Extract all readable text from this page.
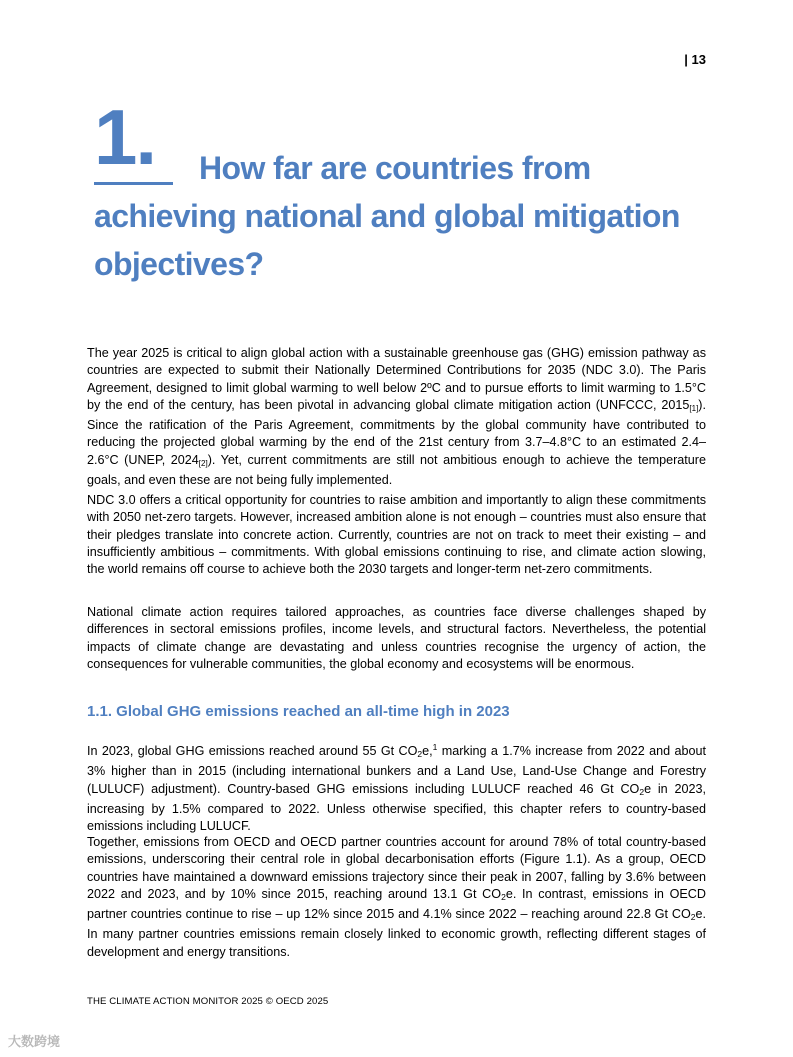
| 13
1.	How far are countries from achieving national and global mitigation objectives?

The year 2025 is critical to align global action with a sustainable greenhouse gas (GHG) emission pathway as countries are expected to submit their Nationally Determined Contributions for 2035 (NDC 3.0). The Paris Agreement, designed to limit global warming to well below 2ºC and to pursue efforts to limit warming to 1.5°C by the end of the century, has been pivotal in advancing global climate mitigation action (UNFCCC, 2015[1]). Since the ratification of the Paris Agreement, commitments by the global community have contributed to reducing the projected global warming by the end of the 21st century from 3.7–4.8°C to an estimated 2.4–2.6°C (UNEP, 2024[2]). Yet, current commitments are still not ambitious enough to achieve the temperature goals, and even these are not being fully implemented.

NDC 3.0 offers a critical opportunity for countries to raise ambition and importantly to align these commitments with 2050 net-zero targets. However, increased ambition alone is not enough – countries must also ensure that their pledges translate into concrete action. Currently, countries are not on track to meet their existing – and insufficiently ambitious – commitments. With global emissions continuing to rise, and climate action slowing, the world remains off course to achieve both the 2030 targets and longer-term net-zero commitments.

National climate action requires tailored approaches, as countries face diverse challenges shaped by differences in sectoral emissions profiles, income levels, and structural factors. Nevertheless, the potential impacts of climate change are devastating and unless countries recognise the urgency of action, the consequences for vulnerable communities, the global economy and ecosystems will be enormous.

1.1. Global GHG emissions reached an all-time high in 2023

In 2023, global GHG emissions reached around 55 Gt $CO_2e,^1$ marking a 1.7% increase from 2022 and about 3% higher than in 2015 (including international bunkers and a Land Use, Land-Use Change and Forestry (LULUCF) adjustment). Country-based GHG emissions including LULUCF reached 46 Gt $CO_2e$ in 2023, increasing by 1.5% compared to 2022. Unless otherwise specified, this chapter refers to country-based emissions including LULUCF.

Together, emissions from OECD and OECD partner countries account for around 78% of total country-based emissions, underscoring their central role in global decarbonisation efforts (Figure 1.1). As a group, OECD countries have maintained a downward emissions trajectory since their peak in 2007, falling by 3.6% between 2022 and 2023, and by 10% since 2015, reaching around 13.1 Gt $CO_2e$. In contrast, emissions in OECD partner countries continue to rise – up 12% since 2015 and 4.1% since 2022 – reaching around 22.8 Gt $CO_2e$. In many partner countries emissions remain closely linked to economic growth, reflecting different stages of development and energy transitions.

THE CLIMATE ACTION MONITOR 2025 © OECD 2025
大数跨境
